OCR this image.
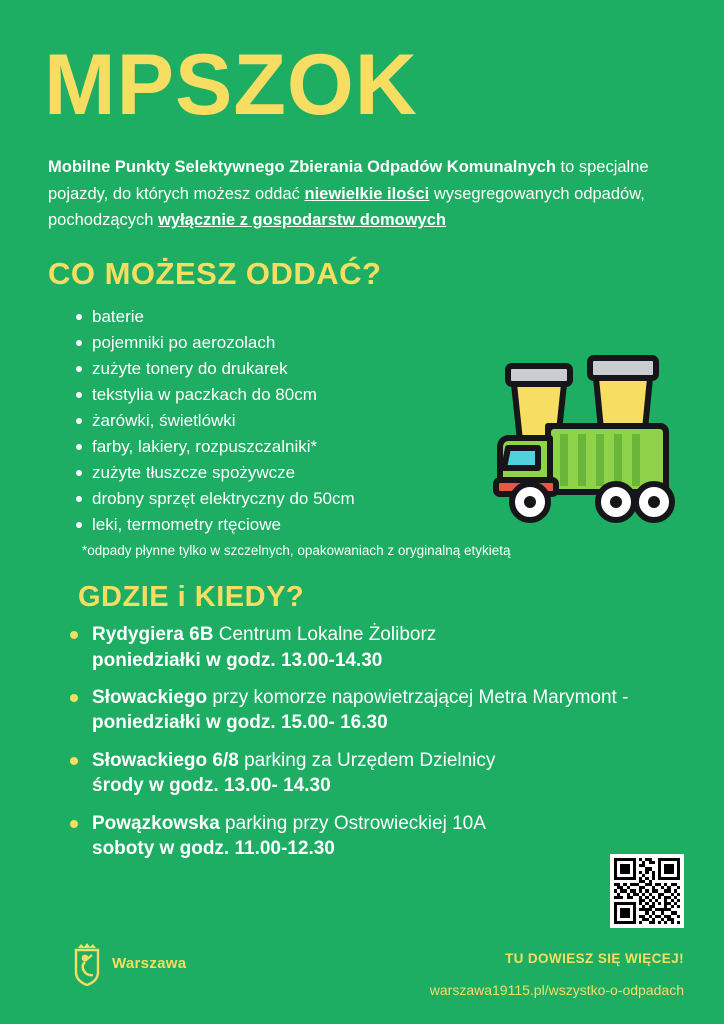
MPSZOK
Mobilne Punkty Selektywnego Zbierania Odpadów Komunalnych to specjalne pojazdy, do których możesz oddać niewielkie ilości wysegregowanych odpadów, pochodzących wyłącznie z gospodarstw domowych
CO MOŻESZ ODDAĆ?
baterie
pojemniki po aerozolach
zużyte tonery do drukarek
tekstylia w paczkach do 80cm
żarówki, świetlówki
farby, lakiery, rozpuszczalniki*
zużyte tłuszcze spożywcze
drobny sprzęt elektryczny do 50cm
leki, termometry rtęciowe
*odpady płynne tylko w szczelnych, opakowaniach z oryginalną etykietą
GDZIE i KIEDY?
Rydygiera 6B Centrum Lokalne Żoliborz
poniedziałki w godz. 13.00-14.30
Słowackiego przy komorze napowietrzającej Metra Marymont - poniedziałki w godz. 15.00- 16.30
Słowackiego 6/8 parking za Urzędem Dzielnicy
środy w godz. 13.00- 14.30
Powązkowska parking przy Ostrowieckiej 10A
soboty w godz. 11.00-12.30
TU DOWIESZ SIĘ WIĘCEJ!
warszawa19115.pl/wszystko-o-odpadach
Warszawa
